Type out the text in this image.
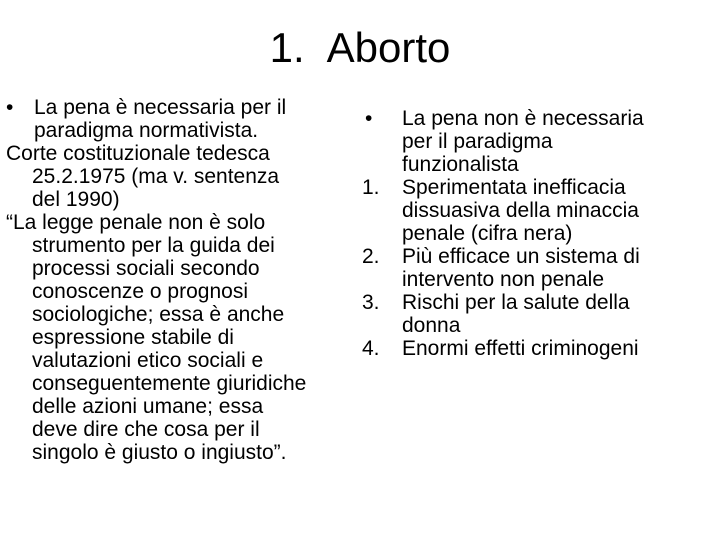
1. Aborto
• La pena è necessaria per il
paradigma normativista.
Corte costituzionale tedesca
25.2.1975 (ma v. sentenza
del 1990)
“La legge penale non è solo
strumento per la guida dei
processi sociali secondo
conoscenze o prognosi
sociologiche; essa è anche
espressione stabile di
valutazioni etico sociali e
conseguentemente giuridiche
delle azioni umane; essa
deve dire che cosa per il
singolo è giusto o ingiusto”.
• La pena non è necessaria
per il paradigma
funzionalista
1. Sperimentata inefficacia
dissuasiva della minaccia
penale (cifra nera)
2. Più efficace un sistema di
intervento non penale
3. Rischi per la salute della
donna
4. Enormi effetti criminogeni
